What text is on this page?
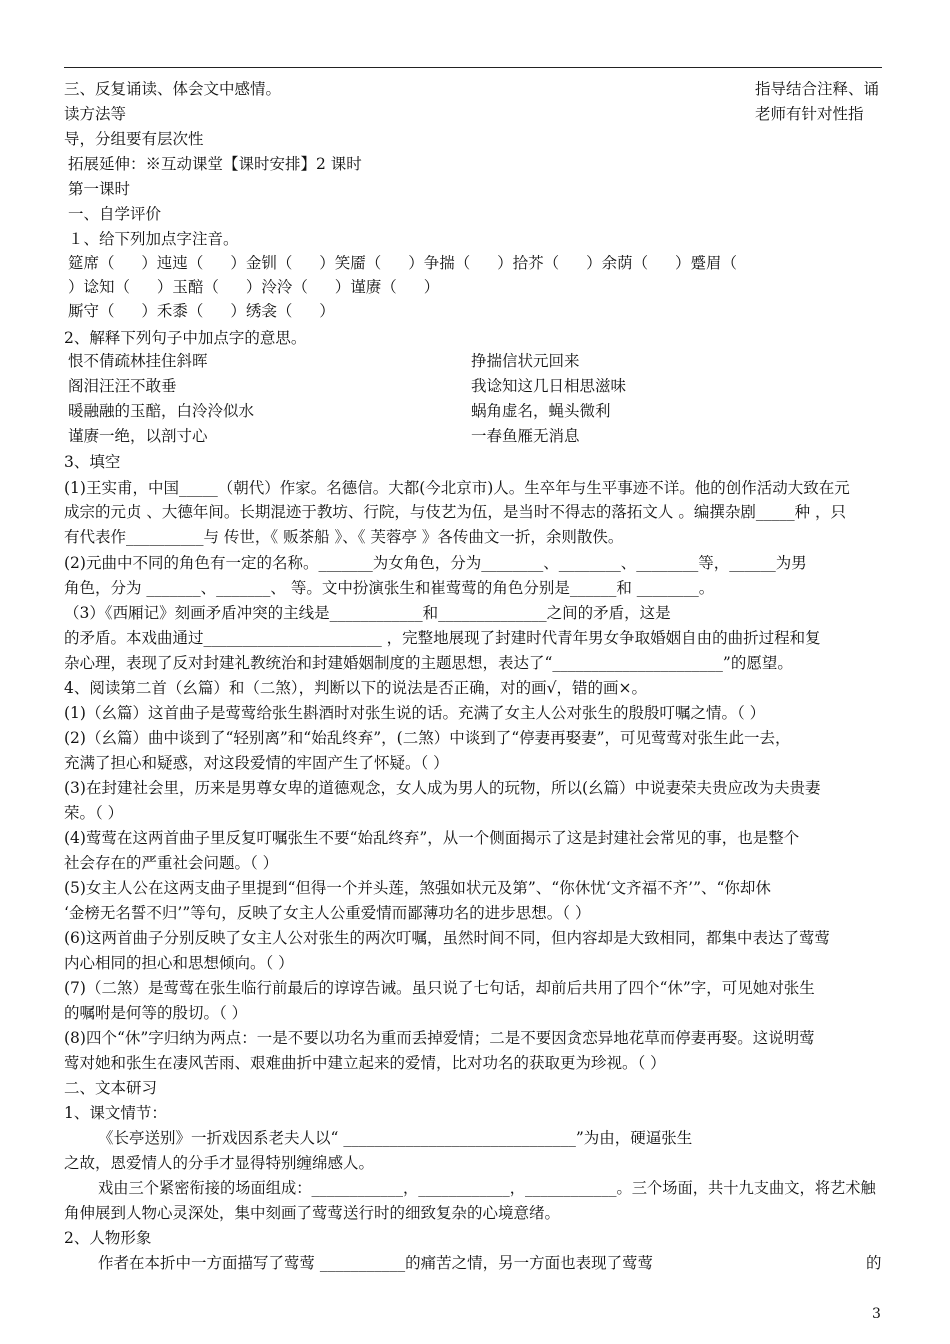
三、反复诵读、体会文中感情。	指导结合注释、诵
读方法等	老师有针对性指
导，分组要有层次性
拓展延伸：※互动课堂【课时安排】2 课时
第一课时
一、自学评价
１、给下列加点字注音。
筵席（ ）迍迍（ ）金钏（ ）笑靥（ ）争揣（ ）拾芥（ ）余荫（ ）蹙眉（
）谂知（ ）玉醅（ ）泠泠（ ）谨赓（ ）
厮守（ ）禾黍（ ）绣衾（ ）
2、解释下列句子中加点字的意思。
恨不倩疏林挂住斜晖	挣揣信状元回来
阁泪汪汪不敢垂	我谂知这几日相思滋味
暖融融的玉醅，白泠泠似水	蜗角虚名，蝇头微利
谨赓一绝，以剖寸心	一春鱼雁无消息
3、填空
(1)王实甫，中国_____（朝代）作家。名德信。大都(今北京市)人。生卒年与生平事迹不详。他的创作活动大致在元
成宗的元贞 、大德年间。长期混迹于教坊、行院，与伎艺为伍，是当时不得志的落拓文人 。编撰杂剧_____种 ，只
有代表作__________与 传世，《 贩茶船 》、《 芙蓉亭 》各传曲文一折，余则散佚。
(2)元曲中不同的角色有一定的名称。_______为女角色，分为________、________、________等，______为男
角色，分为 _______、_______、 等。文中扮演张生和崔莺莺的角色分别是______和 ________。
（3）《西厢记》刻画矛盾冲突的主线是____________和______________之间的矛盾，这是
的矛盾。本戏曲通过_______________________ ，完整地展现了封建时代青年男女争取婚姻自由的曲折过程和复
杂心理，表现了反对封建礼教统治和封建婚姻制度的主题思想，表达了“______________________”的愿望。
4、阅读第二首（幺篇）和（二煞），判断以下的说法是否正确，对的画√，错的画×。
(1)（幺篇）这首曲子是莺莺给张生斟酒时对张生说的话。充满了女主人公对张生的殷殷叮嘱之情。（ ）
(2)（幺篇）曲中谈到了“轻别离”和“始乱终弃”，(二煞）中谈到了“停妻再娶妻”，可见莺莺对张生此一去，
充满了担心和疑惑，对这段爱情的牢固产生了怀疑。（ ）
(3)在封建社会里，历来是男尊女卑的道德观念，女人成为男人的玩物，所以(幺篇）中说妻荣夫贵应改为夫贵妻
荣。（ ）
(4)莺莺在这两首曲子里反复叮嘱张生不要“始乱终弃”，从一个侧面揭示了这是封建社会常见的事，也是整个
社会存在的严重社会问题。（ ）
(5)女主人公在这两支曲子里提到“但得一个并头莲，煞强如状元及第”、“你休忧‘文齐福不齐’”、“你却休
‘金榜无名誓不归’”等句，反映了女主人公重爱情而鄙薄功名的进步思想。（ ）
(6)这两首曲子分别反映了女主人公对张生的两次叮嘱，虽然时间不同，但内容却是大致相同，都集中表达了莺莺
内心相同的担心和思想倾向。（ ）
(7)（二煞）是莺莺在张生临行前最后的谆谆告诫。虽只说了七句话，却前后共用了四个“休”字，可见她对张生
的嘱咐是何等的殷切。（ ）
(8)四个“休”字归纳为两点：一是不要以功名为重而丢掉爱情；二是不要因贪恋异地花草而停妻再娶。这说明莺
莺对她和张生在凄风苦雨、艰难曲折中建立起来的爱情，比对功名的获取更为珍视。（ ）
二、文本研习
1、课文情节：
《长亭送别》一折戏因系老夫人以“ ______________________________”为由，硬逼张生
之故，恩爱情人的分手才显得特别缠绵感人。
戏由三个紧密衔接的场面组成：____________，____________，____________。三个场面，共十九支曲文，将艺术触
角伸展到人物心灵深处，集中刻画了莺莺送行时的细致复杂的心境意绪。
2、人物形象
作者在本折中一方面描写了莺莺 ___________的痛苦之情，另一方面也表现了莺莺	的
3
